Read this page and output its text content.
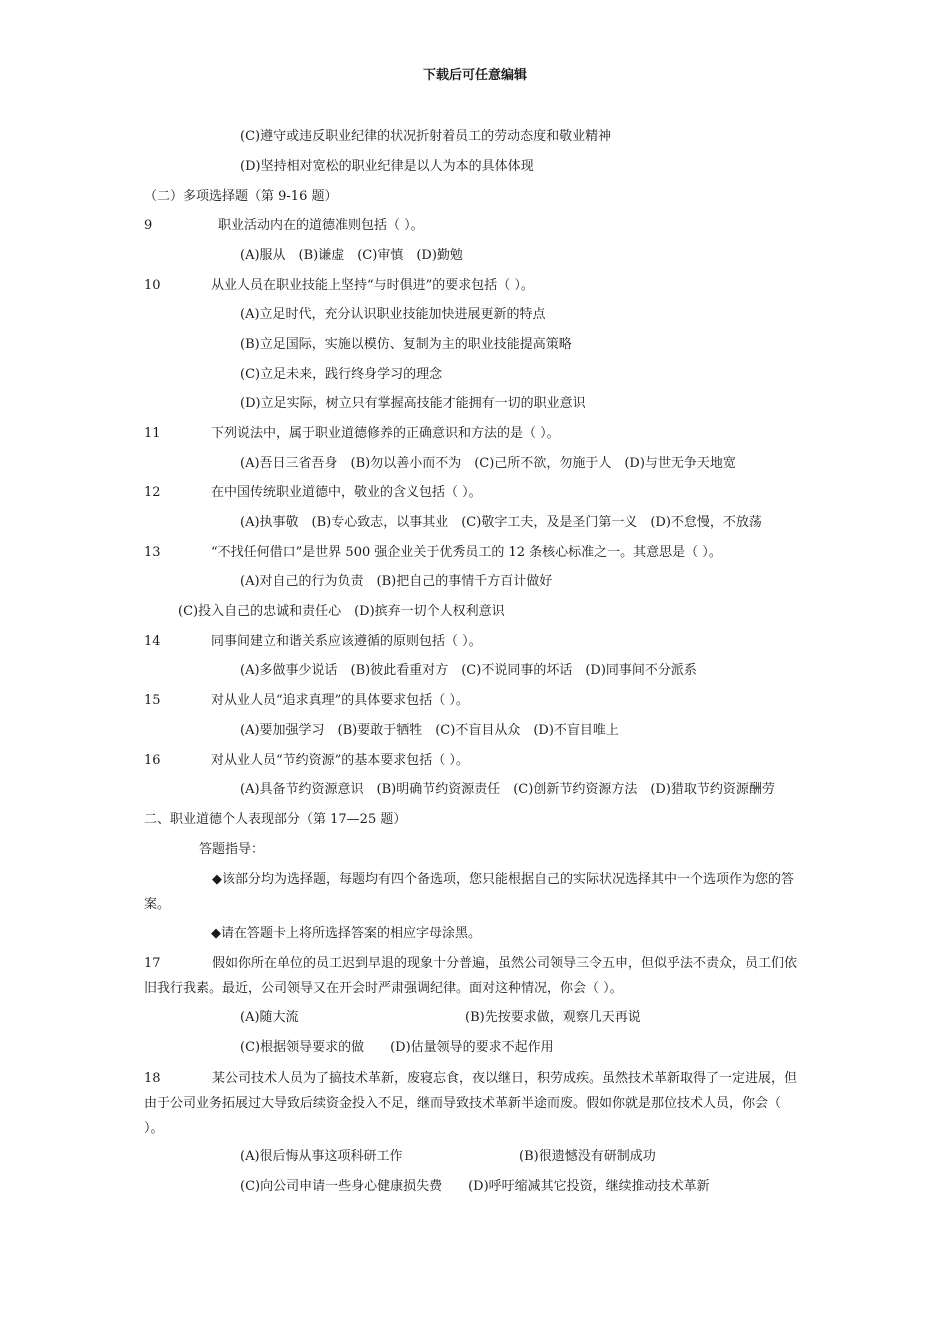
下载后可任意编辑
(C)遵守或违反职业纪律的状况折射着员工的劳动态度和敬业精神
(D)坚持相对宽松的职业纪律是以人为本的具体体现
（二）多项选择题（第 9-16 题）
9	职业活动内在的道德准则包括（ ）。
(A)服从　(B)谦虚　(C)审慎　(D)勤勉
10	从业人员在职业技能上坚持“与时俱进”的要求包括（ ）。
(A)立足时代，充分认识职业技能加快进展更新的特点
(B)立足国际，实施以模仿、复制为主的职业技能提高策略
(C)立足未来，践行终身学习的理念
(D)立足实际，树立只有掌握高技能才能拥有一切的职业意识
11	下列说法中，属于职业道德修养的正确意识和方法的是（ ）。
(A)吾日三省吾身　(B)勿以善小而不为　(C)己所不欲，勿施于人　(D)与世无争天地宽
12	在中国传统职业道德中，敬业的含义包括（ ）。
(A)执事敬　(B)专心致志，以事其业　(C)敬字工夫，及是圣门第一义　(D)不怠慢，不放荡
13	“不找任何借口”是世界 500 强企业关于优秀员工的 12 条核心标准之一。其意思是（ ）。
(A)对自己的行为负责　(B)把自己的事情千方百计做好
(C)投入自己的忠诚和责任心　(D)摈弃一切个人权利意识
14	同事间建立和谐关系应该遵循的原则包括（ ）。
(A)多做事少说话　(B)彼此看重对方　(C)不说同事的坏话　(D)同事间不分派系
15	对从业人员“追求真理”的具体要求包括（ ）。
(A)要加强学习　(B)要敢于牺牲　(C)不盲目从众　(D)不盲目唯上
16	对从业人员“节约资源”的基本要求包括（ ）。
(A)具备节约资源意识　(B)明确节约资源责任　(C)创新节约资源方法　(D)猎取节约资源酬劳
二、职业道德个人表现部分（第 17—25 题）
答题指导：
◆该部分均为选择题，每题均有四个备选项，您只能根据自己的实际状况选择其中一个选项作为您的答案。
◆请在答题卡上将所选择答案的相应字母涂黑。
假如你所在单位的员工迟到早退的现象十分普遍，虽然公司领导三令五申，但似乎法不责众，员工们依旧我行我素。最近，公司领导又在开会时严肃强调纪律。面对这种情况，你会（ ）。
17
(A)随大流	(B)先按要求做，观察几天再说
(C)根据领导要求的做　　(D)估量领导的要求不起作用
某公司技术人员为了搞技术革新，废寝忘食，夜以继日，积劳成疾。虽然技术革新取得了一定进展，但由于公司业务拓展过大导致后续资金投入不足，继而导致技术革新半途而废。假如你就是那位技术人员，你会（ ）。
18
(A)很后悔从事这项科研工作	(B)很遗憾没有研制成功
(C)向公司申请一些身心健康损失费　　(D)呼吁缩减其它投资，继续推动技术革新
